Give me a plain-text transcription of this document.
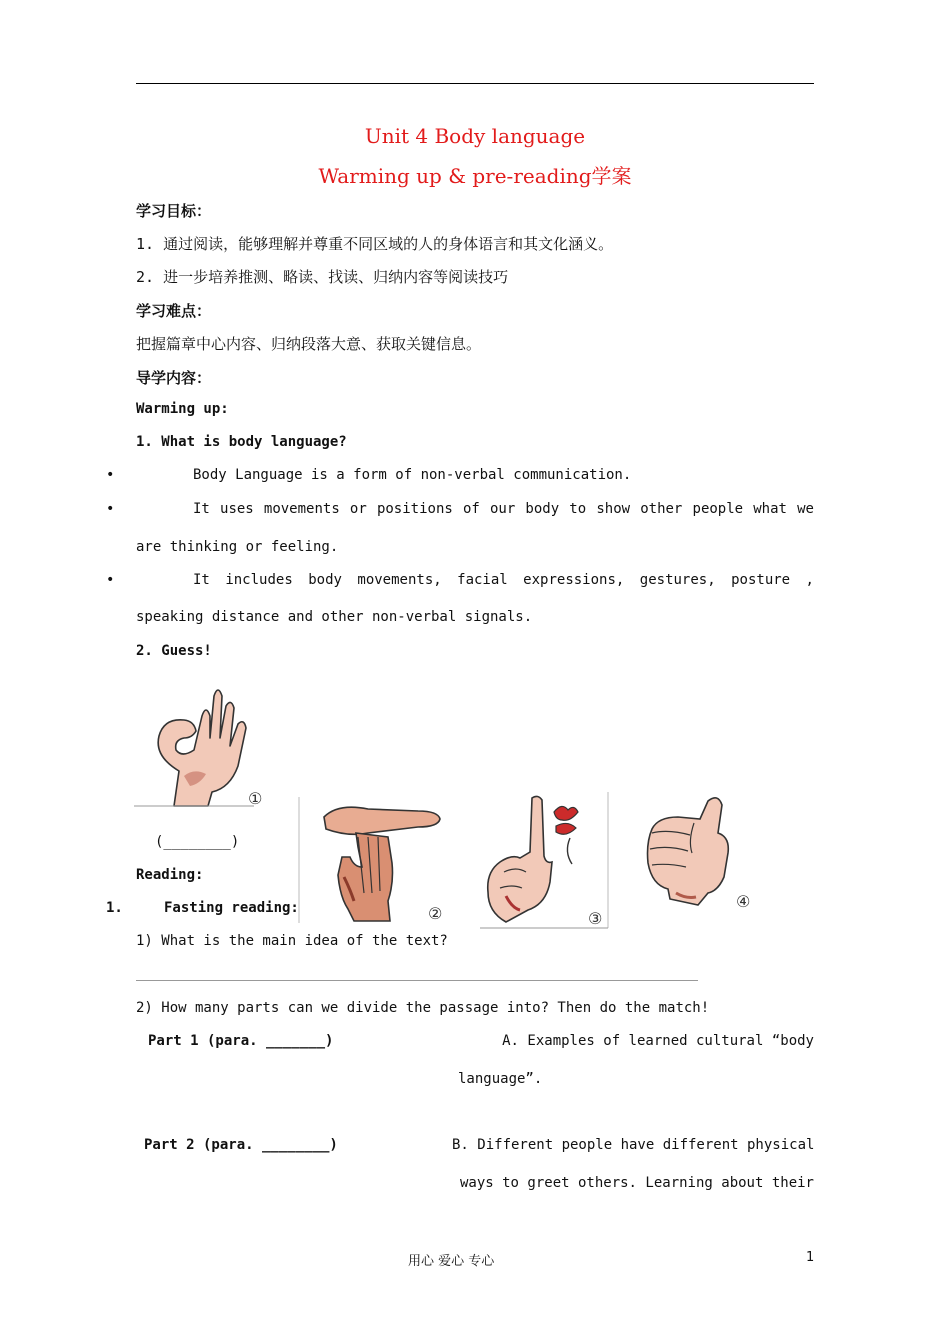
Unit 4 Body language
Warming up & pre-reading学案
学习目标：
1. 通过阅读，能够理解并尊重不同区域的人的身体语言和其文化涵义。
2. 进一步培养推测、略读、找读、归纳内容等阅读技巧
学习难点：
把握篇章中心内容、归纳段落大意、获取关键信息。
导学内容：
Warming up:
1. What is body language?
•	Body Language is a form of non-verbal communication.
•	It uses movements or positions of our body to show other people what we
are thinking or feeling.
•	It includes body movements, facial expressions, gestures, posture ,
speaking distance and other non-verbal signals.
2. Guess!
①
(________)
②	③
④
Reading:
1.	Fasting reading:
1) What is the main idea of the text?
2) How many parts can we divide the passage into? Then do the match!
Part 1 (para. _______)	A. Examples of learned cultural “body
language”.
Part 2 (para. ________)	B. Different people have different physical
ways to greet others. Learning about their
用心 爱心 专心	1
